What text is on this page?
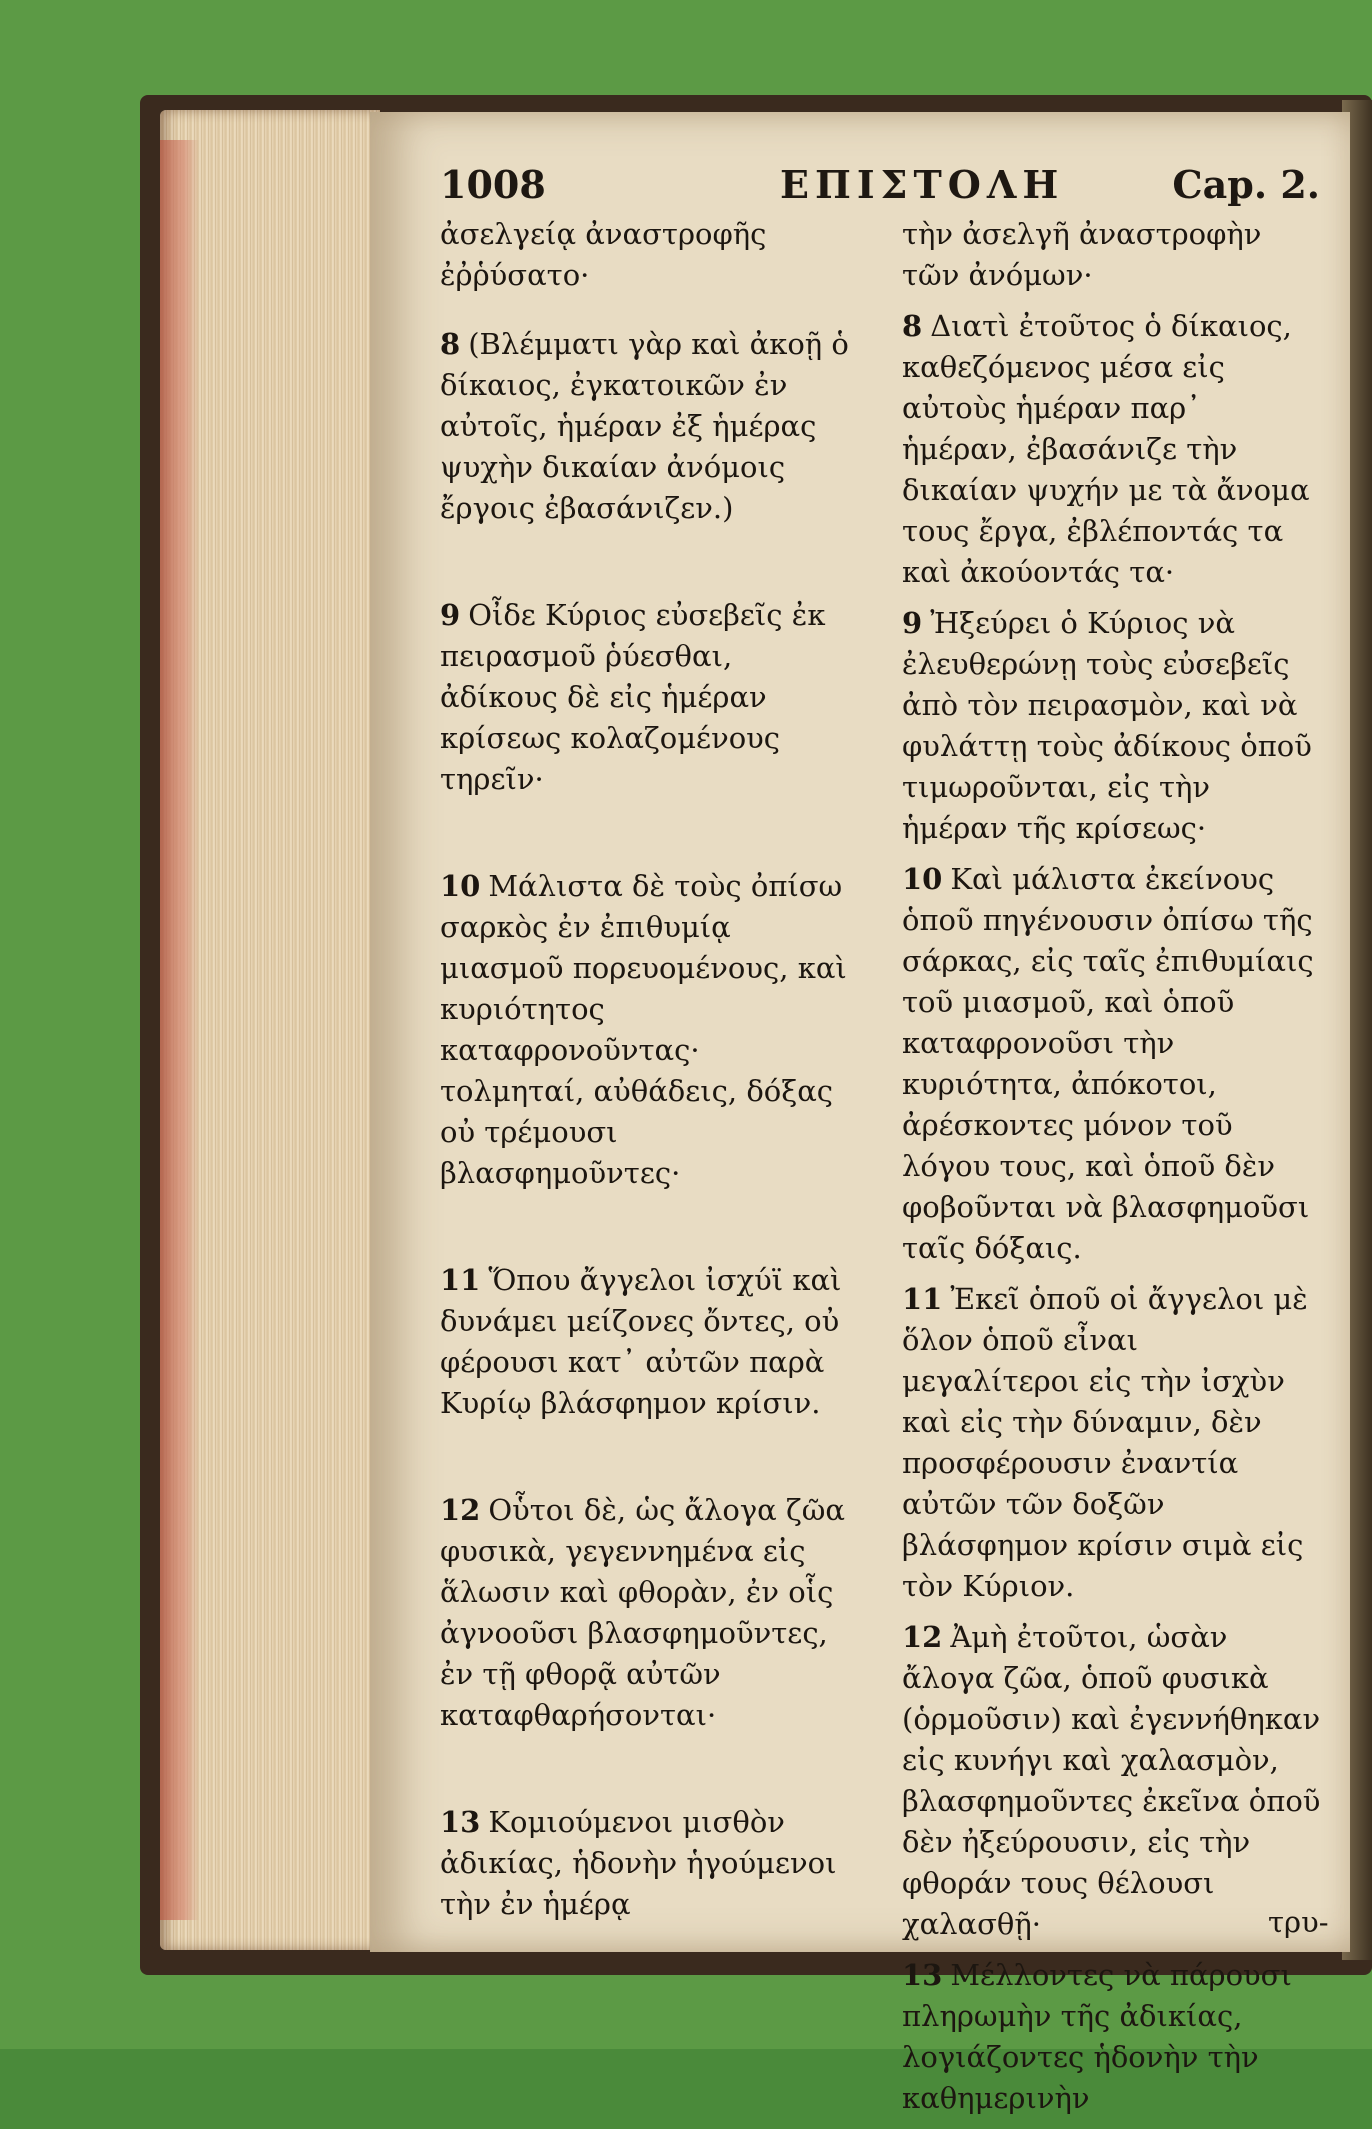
1008	ΕΠΙΣΤΟΛΗ	Cap. 2.

ἀσελγείᾳ ἀναστροφῆς ἐῤῥύσατο·

8 (Βλέμματι γὰρ καὶ ἀκοῇ ὁ δίκαιος, ἐγκατοικῶν ἐν αὐτοῖς, ἡμέραν ἐξ ἡμέρας ψυχὴν δικαίαν ἀνόμοις ἔργοις ἐβασάνιζεν.)

9 Οἶδε Κύριος εὐσεβεῖς ἐκ πειρασμοῦ ῥύεσθαι, ἀδίκους δὲ εἰς ἡμέραν κρίσεως κολαζομένους τηρεῖν·

10 Μάλιστα δὲ τοὺς ὀπίσω σαρκὸς ἐν ἐπιθυμίᾳ μιασμοῦ πορευομένους, καὶ κυριότητος καταφρονοῦντας· τολμηταί, αὐθάδεις, δόξας οὐ τρέμουσι βλασφημοῦντες·

11 Ὅπου ἄγγελοι ἰσχύϊ καὶ δυνάμει μείζονες ὄντες, οὐ φέρουσι κατ᾽ αὐτῶν παρὰ Κυρίῳ βλάσφημον κρίσιν.

12 Οὗτοι δὲ, ὡς ἄλογα ζῶα φυσικὰ, γεγεννημένα εἰς ἅλωσιν καὶ φθορὰν, ἐν οἷς ἀγνοοῦσι βλασφημοῦντες, ἐν τῇ φθορᾷ αὐτῶν καταφθαρήσονται·

13 Κομιούμενοι μισθὸν ἀδικίας, ἡδονὴν ἡγούμενοι τὴν ἐν ἡμέρᾳ

τὴν ἀσελγῆ ἀναστροφὴν τῶν ἀνόμων·

8 Διατὶ ἐτοῦτος ὁ δίκαιος, καθεζόμενος μέσα εἰς αὐτοὺς ἡμέραν παρ᾽ ἡμέραν, ἐβασάνιζε τὴν δικαίαν ψυχήν με τὰ ἄνομα τους ἔργα, ἐβλέποντάς τα καὶ ἀκούοντάς τα·

9 Ἠξεύρει ὁ Κύριος νὰ ἐλευθερώνῃ τοὺς εὐσεβεῖς ἀπὸ τὸν πειρασμὸν, καὶ νὰ φυλάττῃ τοὺς ἀδίκους ὁποῦ τιμωροῦνται, εἰς τὴν ἡμέραν τῆς κρίσεως·

10 Καὶ μάλιστα ἐκείνους ὁποῦ πηγένουσιν ὀπίσω τῆς σάρκας, εἰς ταῖς ἐπιθυμίαις τοῦ μιασμοῦ, καὶ ὁποῦ καταφρονοῦσι τὴν κυριότητα, ἀπόκοτοι, ἀρέσκοντες μόνον τοῦ λόγου τους, καὶ ὁποῦ δὲν φοβοῦνται νὰ βλασφημοῦσι ταῖς δόξαις.

11 Ἐκεῖ ὁποῦ οἱ ἄγγελοι μὲ ὅλον ὁποῦ εἶναι μεγαλίτεροι εἰς τὴν ἰσχὺν καὶ εἰς τὴν δύναμιν, δὲν προσφέρουσιν ἐναντία αὐτῶν τῶν δοξῶν βλάσφημον κρίσιν σιμὰ εἰς τὸν Κύριον.

12 Ἀμὴ ἐτοῦτοι, ὡσὰν ἄλογα ζῶα, ὁποῦ φυσικὰ (ὁρμοῦσιν) καὶ ἐγεννήθηκαν εἰς κυνήγι καὶ χαλασμὸν, βλασφημοῦντες ἐκεῖνα ὁποῦ δὲν ἠξεύρουσιν, εἰς τὴν φθοράν τους θέλουσι χαλασθῇ·

13 Μέλλοντες νὰ πάρουσι πληρωμὴν τῆς ἀδικίας, λογιάζοντες ἡδονὴν τὴν καθημερινὴν

τρυ-
